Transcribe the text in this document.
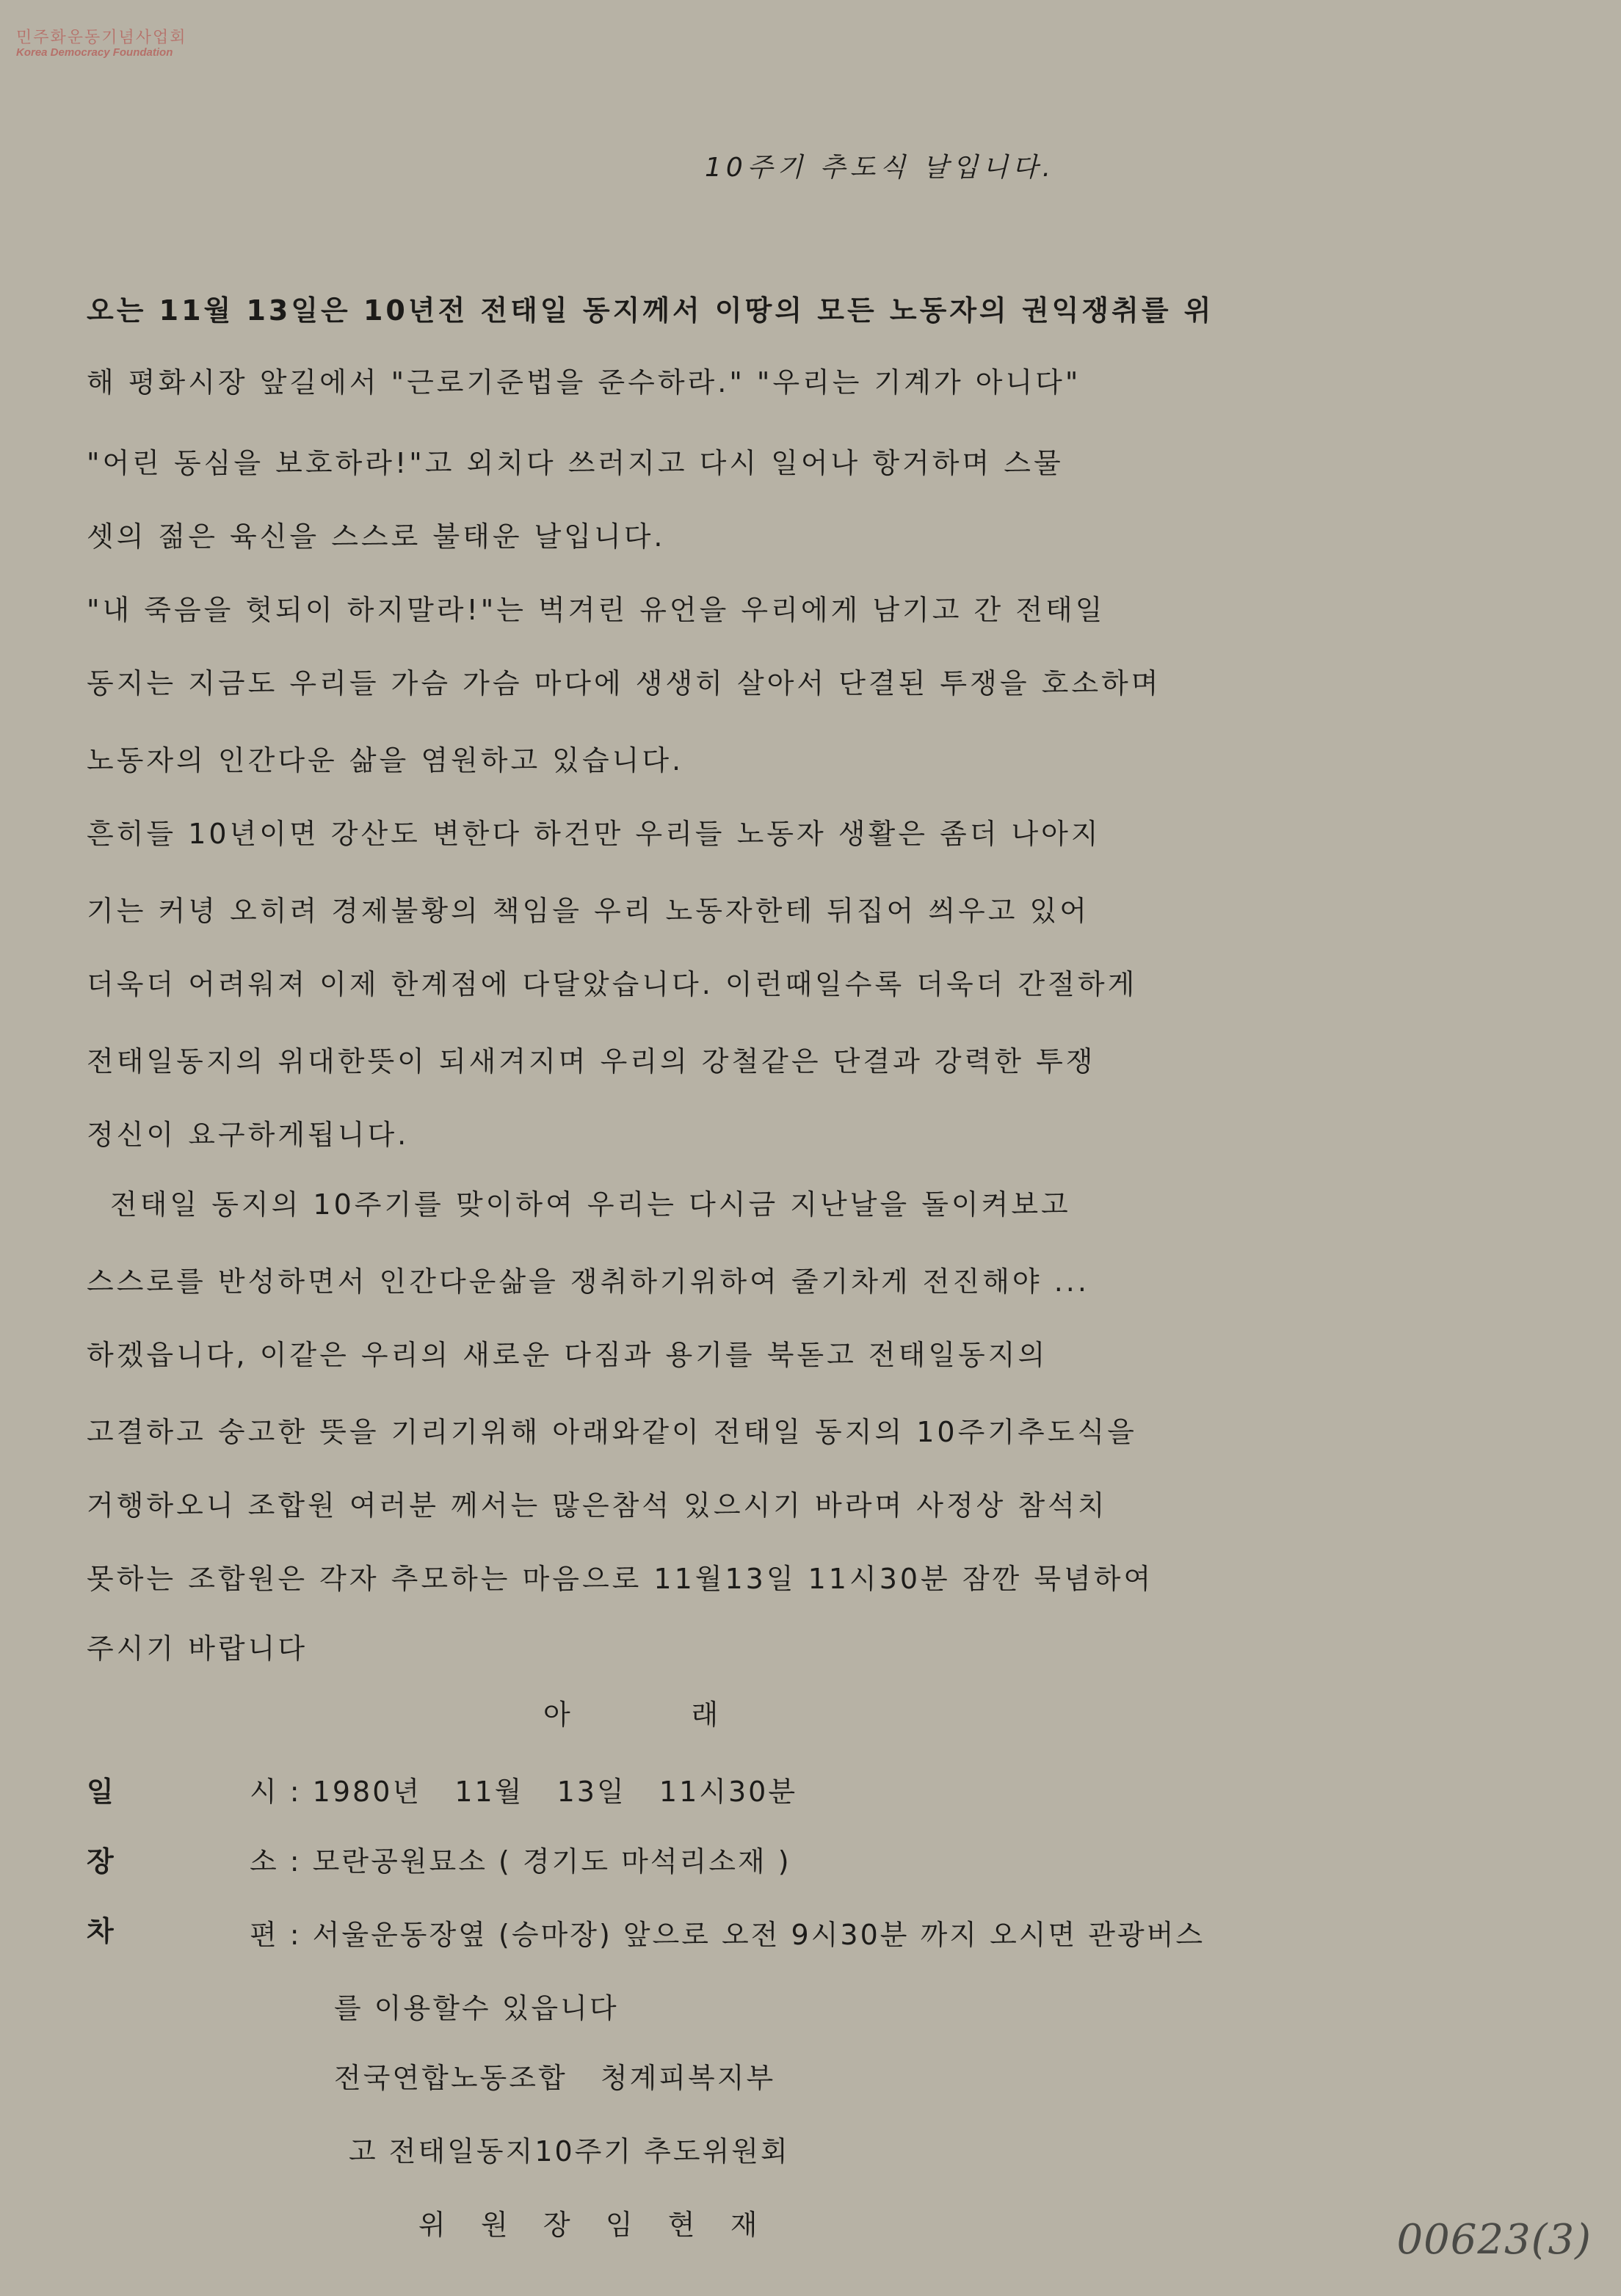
민주화운동기념사업회
Korea Democracy Foundation
10주기 추도식 날입니다.
오는 11월 13일은 10년전 전태일 동지께서 이땅의 모든 노동자의 권익쟁취를 위
해 평화시장 앞길에서 "근로기준법을 준수하라." "우리는 기계가 아니다"
"어린 동심을 보호하라!"고 외치다 쓰러지고 다시 일어나 항거하며 스물
셋의 젊은 육신을 스스로 불태운 날입니다.
"내 죽음을 헛되이 하지말라!"는 벅겨린 유언을 우리에게 남기고 간 전태일
동지는 지금도 우리들 가슴 가슴 마다에 생생히 살아서 단결된 투쟁을 호소하며
노동자의 인간다운 삶을 염원하고 있습니다.
흔히들 10년이면 강산도 변한다 하건만 우리들 노동자 생활은 좀더 나아지
기는 커녕 오히려 경제불황의 책임을 우리 노동자한테 뒤집어 씌우고 있어
더욱더 어려워져 이제 한계점에 다달았습니다. 이런때일수록 더욱더 간절하게
전태일동지의 위대한뜻이 되새겨지며 우리의 강철같은 단결과 강력한 투쟁
정신이 요구하게됩니다.
전태일 동지의 10주기를 맞이하여 우리는 다시금 지난날을 돌이켜보고
스스로를 반성하면서 인간다운삶을 쟁취하기위하여 줄기차게 전진해야 ...
하겠읍니다, 이같은 우리의 새로운 다짐과 용기를 북돋고 전태일동지의
고결하고 숭고한 뜻을 기리기위해 아래와같이 전태일 동지의 10주기추도식을
거행하오니 조합원 여러분 께서는 많은참석 있으시기 바라며 사정상 참석치
못하는 조합원은 각자 추모하는 마음으로 11월13일 11시30분 잠깐 묵념하여
주시기 바랍니다
아          래
일	시 : 1980년   11월   13일   11시30분
장	소 : 모란공원묘소 ( 경기도 마석리소재 )
차	편 : 서울운동장옆 (승마장) 앞으로 오전 9시30분 까지 오시면 관광버스
를 이용할수 있읍니다
전국연합노동조합   청계피복지부
고 전태일동지10주기 추도위원회
위   원   장   임   현   재	00623(3)
